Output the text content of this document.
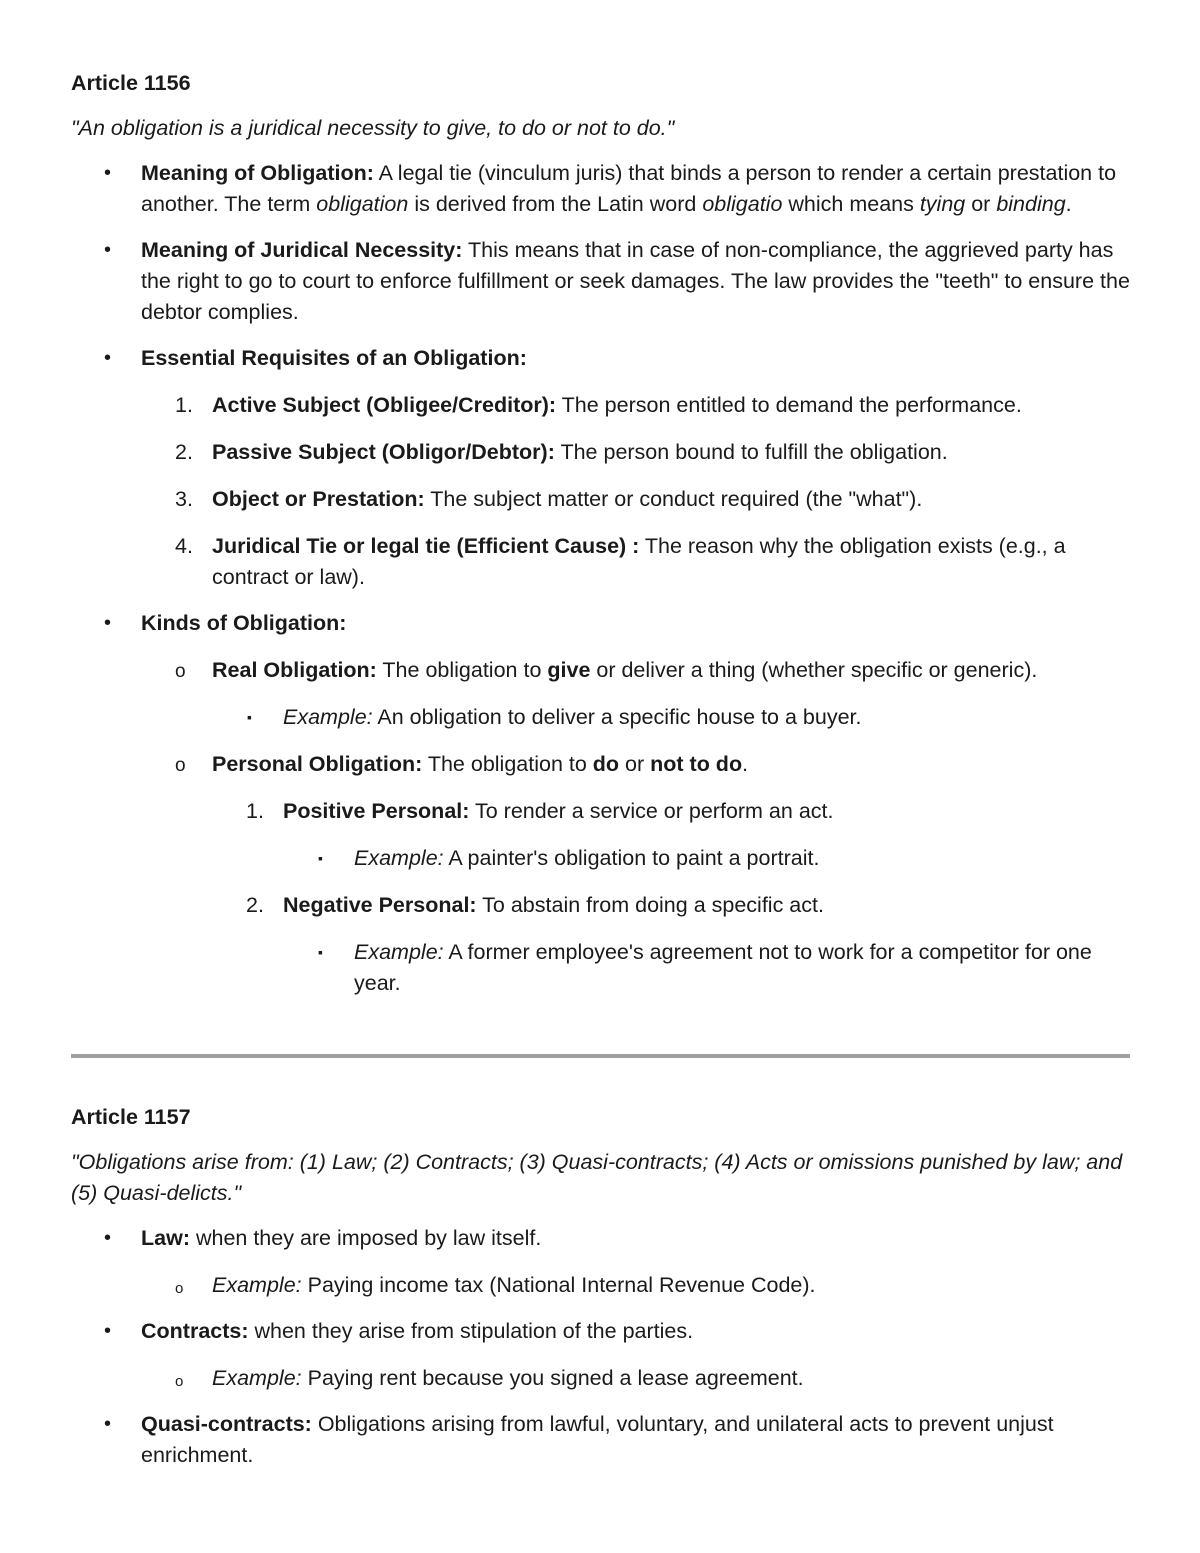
Article 1156

"An obligation is a juridical necessity to give, to do or not to do."

• Meaning of Obligation: A legal tie (vinculum juris) that binds a person to render a certain prestation to another. The term obligation is derived from the Latin word obligatio which means tying or binding.
• Meaning of Juridical Necessity: This means that in case of non-compliance, the aggrieved party has the right to go to court to enforce fulfillment or seek damages. The law provides the "teeth" to ensure the debtor complies.
• Essential Requisites of an Obligation:
1. Active Subject (Obligee/Creditor): The person entitled to demand the performance.
2. Passive Subject (Obligor/Debtor): The person bound to fulfill the obligation.
3. Object or Prestation: The subject matter or conduct required (the "what").
4. Juridical Tie or legal tie (Efficient Cause) : The reason why the obligation exists (e.g., a contract or law).
• Kinds of Obligation:
o Real Obligation: The obligation to give or deliver a thing (whether specific or generic).
▪ Example: An obligation to deliver a specific house to a buyer.
o Personal Obligation: The obligation to do or not to do.
1. Positive Personal: To render a service or perform an act.
▪ Example: A painter's obligation to paint a portrait.
2. Negative Personal: To abstain from doing a specific act.
▪ Example: A former employee's agreement not to work for a competitor for one year.

Article 1157

"Obligations arise from: (1) Law; (2) Contracts; (3) Quasi-contracts; (4) Acts or omissions punished by law; and (5) Quasi-delicts."

• Law: when they are imposed by law itself.
o Example: Paying income tax (National Internal Revenue Code).
• Contracts: when they arise from stipulation of the parties.
o Example: Paying rent because you signed a lease agreement.
• Quasi-contracts: Obligations arising from lawful, voluntary, and unilateral acts to prevent unjust enrichment.
